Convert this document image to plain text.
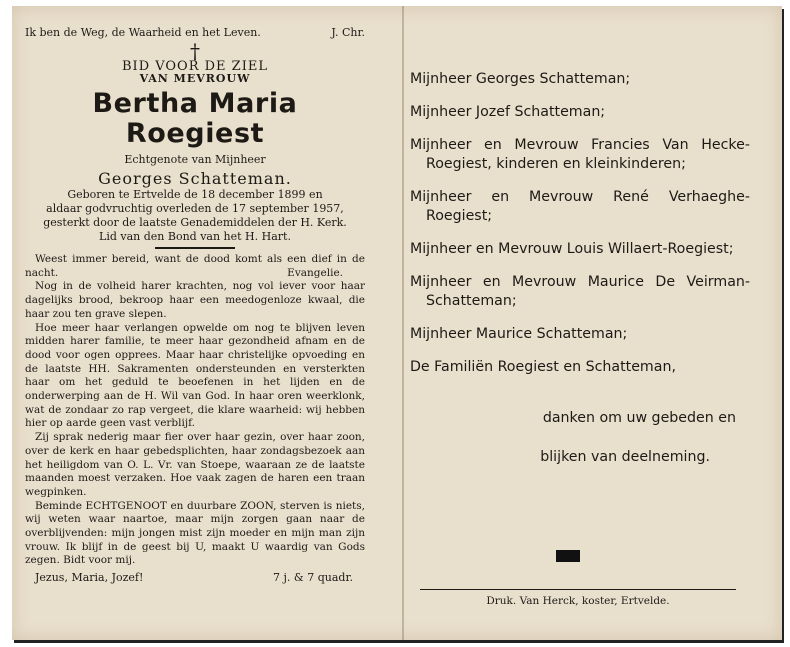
Ik ben de Weg, de Waarheid en het Leven.	J. Chr.
†
BID VOOR DE ZIEL
VAN MEVROUW
Bertha Maria Roegiest
Echtgenote van Mijnheer
Georges Schatteman.
Geboren te Ertvelde de 18 december 1899 en
aldaar godvruchtig overleden de 17 september 1957,
gesterkt door de laatste Genademiddelen der H. Kerk.
Lid van den Bond van het H. Hart.

Weest immer bereid, want de dood komt als een dief in de nacht.	Evangelie.

Nog in de volheid harer krachten, nog vol iever voor haar dagelijks brood, bekroop haar een meedogenloze kwaal, die haar zou ten grave slepen.

Hoe meer haar verlangen opwelde om nog te blijven leven midden harer familie, te meer haar gezondheid afnam en de dood voor ogen opprees. Maar haar christelijke opvoeding en de laatste HH. Sakramenten ondersteunden en versterkten haar om het geduld te beoefenen in het lijden en de onderwerping aan de H. Wil van God. In haar oren weerklonk, wat de zondaar zo rap vergeet, die klare waarheid: wij hebben hier op aarde geen vast verblijf.

Zij sprak nederig maar fier over haar gezin, over haar zoon, over de kerk en haar gebedsplichten, haar zondagsbezoek aan het heiligdom van O. L. Vr. van Stoepe, waaraan ze de laatste maanden moest verzaken. Hoe vaak zagen de haren een traan wegpinken.

Beminde ECHTGENOOT en duurbare ZOON, sterven is niets, wij weten waar naartoe, maar mijn zorgen gaan naar de overblijvenden: mijn jongen mist zijn moeder en mijn man zijn vrouw. Ik blijf in de geest bij U, maakt U waardig van Gods zegen. Bidt voor mij.

Jezus, Maria, Jozef!	7 j. & 7 quadr.
Mijnheer Georges Schatteman;
Mijnheer Jozef Schatteman;
Mijnheer en Mevrouw Francies Van Hecke-Roegiest, kinderen en kleinkinderen;
Mijnheer en Mevrouw René Verhaeghe-Roegiest;
Mijnheer en Mevrouw Louis Willaert-Roegiest;
Mijnheer en Mevrouw Maurice De Veirman-Schatteman;
Mijnheer Maurice Schatteman;
De Familiën Roegiest en Schatteman,
danken om uw gebeden en
blijken van deelneming.
Druk. Van Herck, koster, Ertvelde.
